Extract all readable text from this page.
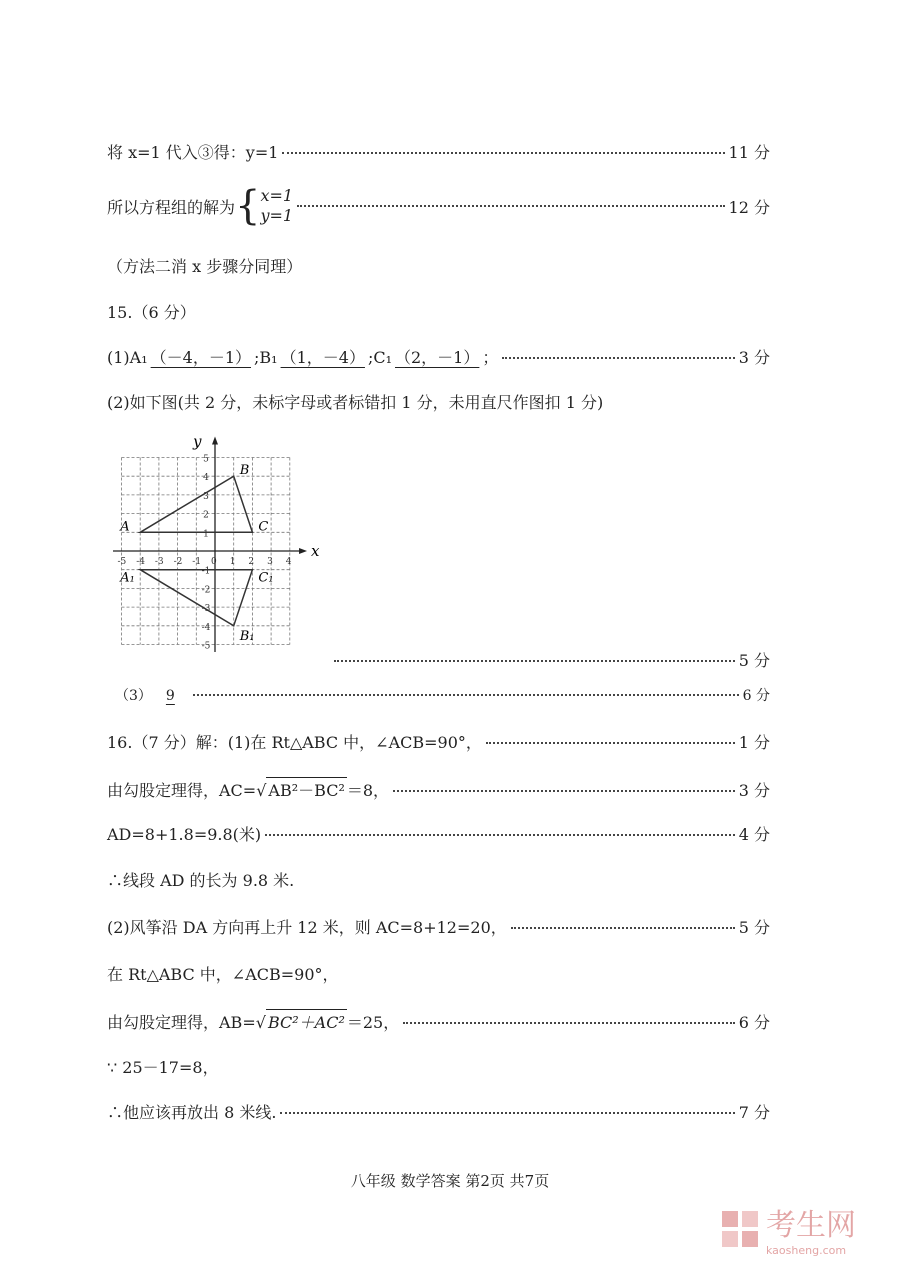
将 x=1 代入③得：y=1	11 分
所以方程组的解为 { x=1
y=1	12 分
（方法二消 x 步骤分同理）
15.（6 分）
(1)A₁ （－4，－1） ;B₁ （1，－4） ;C₁ （2，－1） ；	3 分
(2)如下图(共 2 分，未标字母或者标错扣 1 分，未用直尺作图扣 1 分)
x
y
-5 -4 -3 -2 -1 0 1 2 3 4
5
4
3
2
1
-1
-2
-3
-4
-5
A
B
C
A₁
B₁
C₁
5 分
（3）	9	6 分
16.（7 分）解：(1)在 Rt△ABC 中，∠ACB=90°，	1 分
由勾股定理得，AC= √ AB²－BC² ＝8，	3 分
AD=8+1.8=9.8(米)	4 分
∴线段 AD 的长为 9.8 米.
(2)风筝沿 DA 方向再上升 12 米，则 AC=8+12=20，	5 分
在 Rt△ABC 中，∠ACB=90°，
由勾股定理得，AB= √ BC²＋AC² ＝25，	6 分
∵ 25－17=8，
∴他应该再放出 8 米线.	7 分
八年级 数学答案 第2页 共7页
考生网
kaosheng.com
